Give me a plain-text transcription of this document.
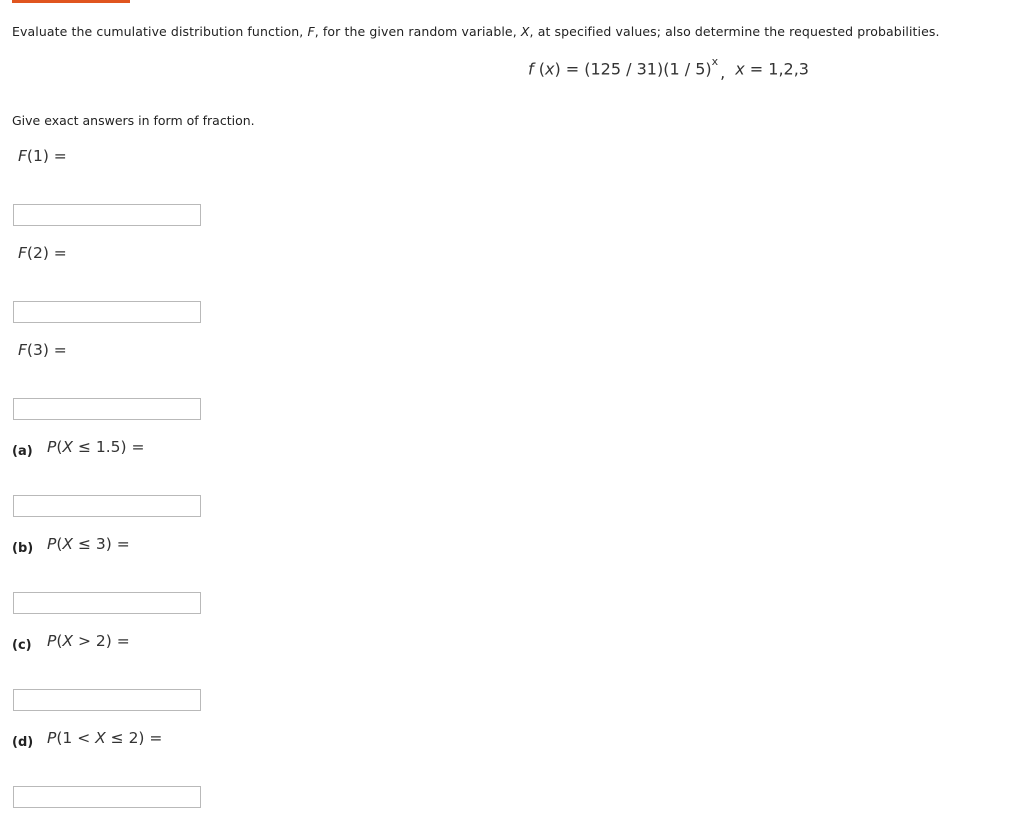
Evaluate the cumulative distribution function, F, for the given random variable, X, at specified values; also determine the requested probabilities.
f (x) = (125 / 31)(1 / 5)$^x$, x = 1,2,3
Give exact answers in form of fraction.
F(1) =
F(2) =
F(3) =
(a) P(X ≤ 1.5) =
(b) P(X ≤ 3) =
(c) P(X > 2) =
(d) P(1 < X ≤ 2) =
